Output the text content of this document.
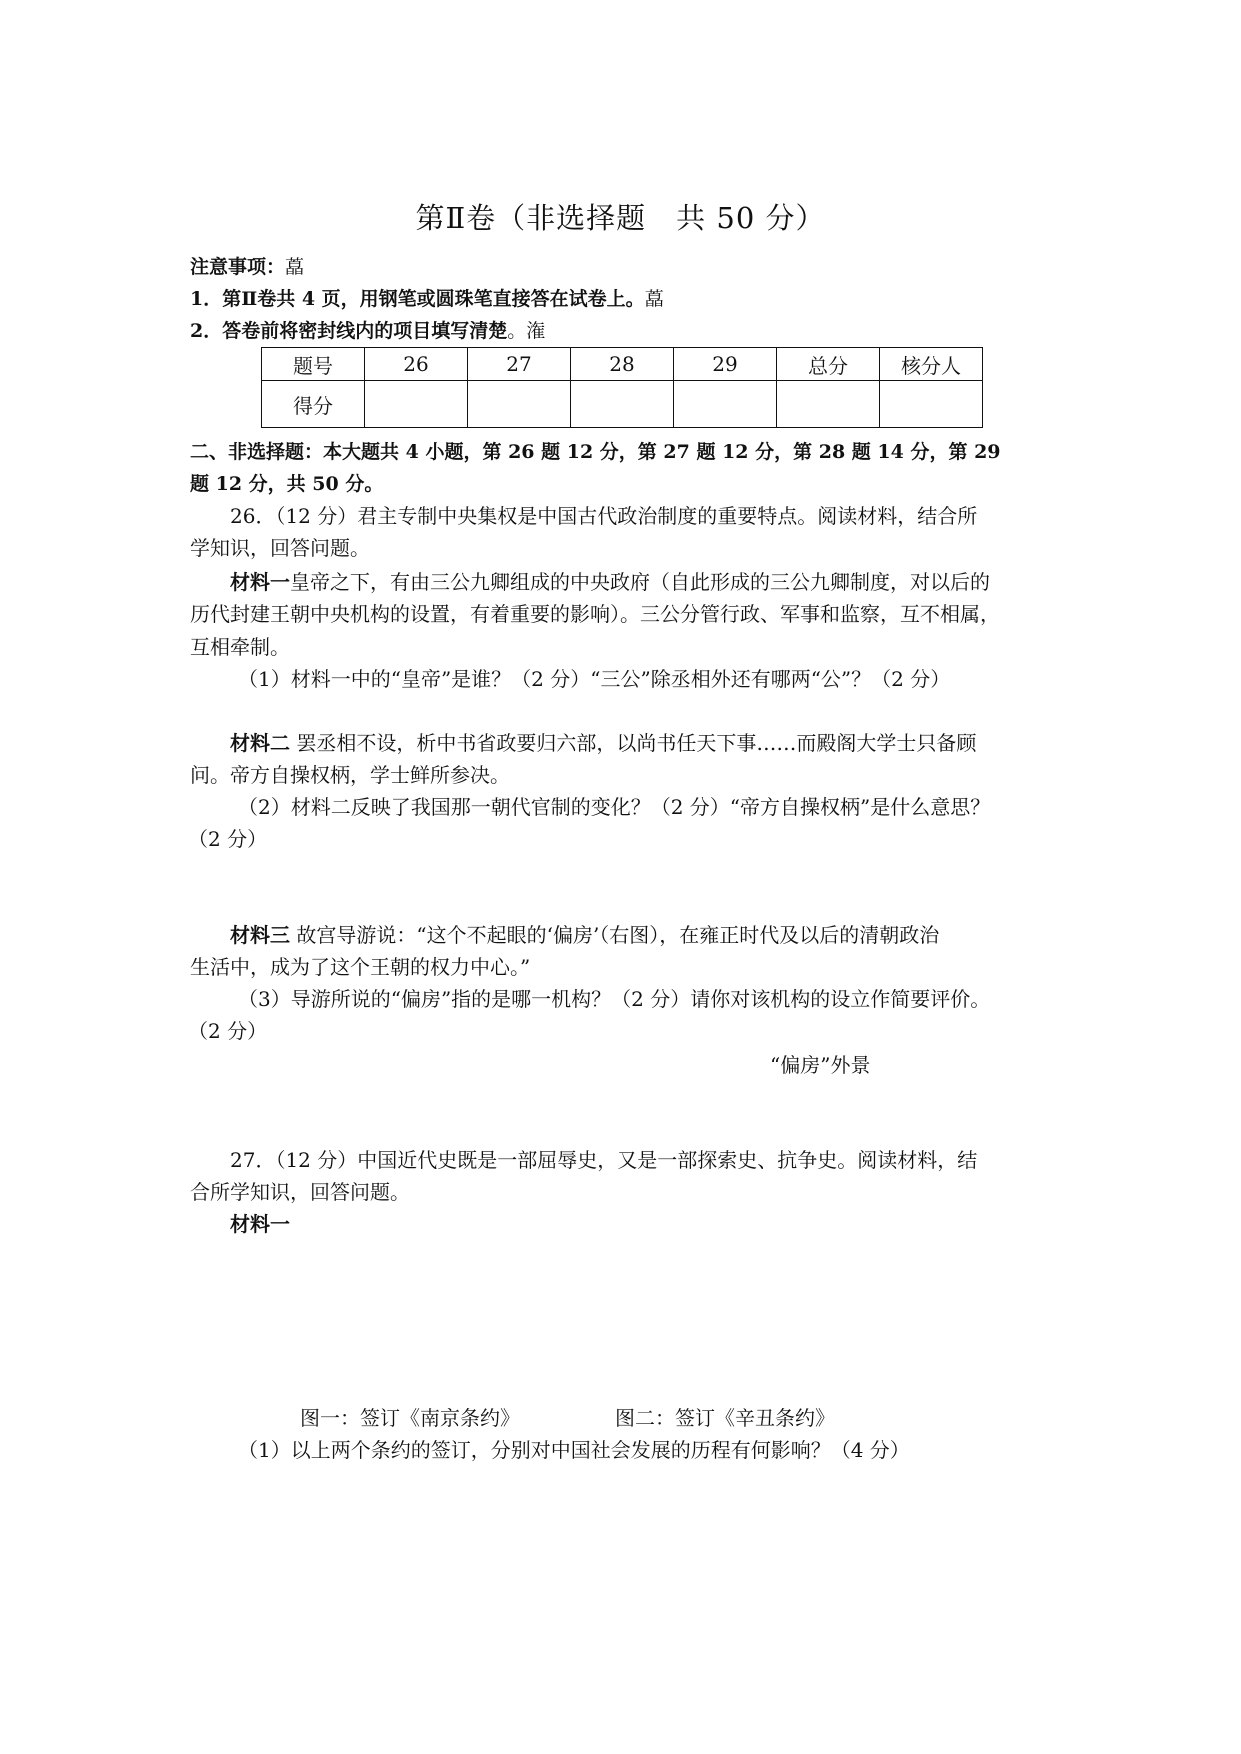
第Ⅱ卷（非选择题　共 50 分）
注意事项：藠
1．第Ⅱ卷共 4 页，用钢笔或圆珠笔直接答在试卷上。藠
2．答卷前将密封线内的项目填写清楚。潅
题号	26	27	28	29	总分	核分人
得分						
二、非选择题：本大题共 4 小题，第 26 题 12 分，第 27 题 12 分，第 28 题 14 分，第 29
题 12 分，共 50 分。
26．（12 分）君主专制中央集权是中国古代政治制度的重要特点。阅读材料，结合所
学知识，回答问题。
材料一皇帝之下，有由三公九卿组成的中央政府（自此形成的三公九卿制度，对以后的
历代封建王朝中央机构的设置，有着重要的影响）。三公分管行政、军事和监察，互不相属，
互相牵制。
（1）材料一中的“皇帝”是谁？（2 分）“三公”除丞相外还有哪两“公”？（2 分）
材料二 罢丞相不设，析中书省政要归六部，以尚书任天下事……而殿阁大学士只备顾
问。帝方自操权柄，学士鲜所参决。
（2）材料二反映了我国那一朝代官制的变化？（2 分）“帝方自操权柄”是什么意思？
（2 分）
材料三 故宫导游说：“这个不起眼的‘偏房’（右图），在雍正时代及以后的清朝政治
生活中，成为了这个王朝的权力中心。”
（3）导游所说的“偏房”指的是哪一机构？（2 分）请你对该机构的设立作简要评价。
（2 分）
“偏房”外景
27．（12 分）中国近代史既是一部屈辱史，又是一部探索史、抗争史。阅读材料，结
合所学知识，回答问题。
材料一
图一：签订《南京条约》	图二：签订《辛丑条约》
（1）以上两个条约的签订，分别对中国社会发展的历程有何影响？（4 分）
